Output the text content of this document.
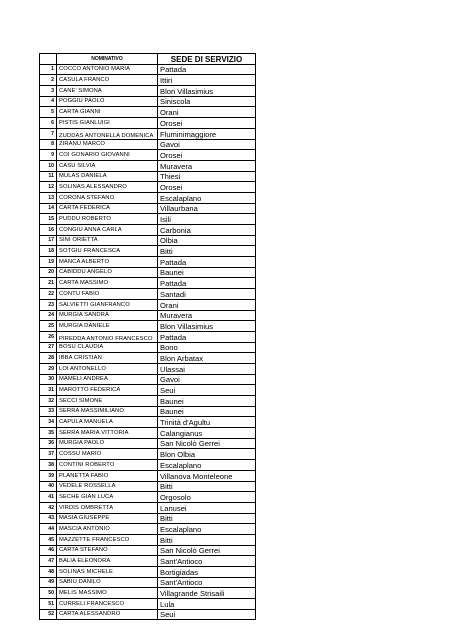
	NOMINATIVO	SEDE DI SERVIZIO
1	COCCO ANTONIO MARIA	Pattada
2	CASULA FRANCO	Ittiri
3	CANE' SIMONA	Blon Villasimius
4	POGGIU PAOLO	Siniscola
5	CARTA GIANNI	Orani
6	PISTIS GIANLUIGI	Orosei
7	ZUDDAS ANTONELLA DOMENICA	Fluminimaggiore
8	ZIRANU MARCO	Gavoi
9	COI GONARIO GIOVANNI	Orosei
10	CASU SILVIA	Muravera
11	MULAS DANIELA	Thiesi
12	SOLINAS ALESSANDRO	Orosei
13	CORONA STEFANO	Escalaplano
14	CARTA FEDERICA	Villaurbana
15	PUDDU ROBERTO	Isili
16	CONGIU ANNA CARLA	Carbonia
17	SINI ORIETTA	Olbia
18	SOTGIU FRANCESCA	Bitti
19	MANCA ALBERTO	Pattada
20	CABIDDU ANGELO	Baunei
21	CARTA MASSIMO	Pattada
22	CONTU FABIO	Santadi
23	SALVIETTI GIANFRANCO	Orani
24	MURGIA SANDRA	Muravera
25	MURGIA DANIELE	Blon Villasimius
26	PIREDDA ANTONIO FRANCESCO	Pattada
27	BOSU CLAUDIA	Bono
28	IBBA CRISTIAN	Blon Arbatax
29	LOI ANTONELLO	Ulassai
30	MAMELI ANDREA	Gavoi
31	MAROTTO FEDERICA	Seui
32	SECCI SIMONE	Baunei
33	SERRA MASSIMILIANO	Baunei
34	CAPULA MANUELA	Trinità d'Agultu
35	SERRA MARIA VITTORIA	Calangianus
36	MURGIA PAOLO	San Nicolò Gerrei
37	COSSU MARIO	Blon Olbia
38	CONTINI ROBERTO	Escalaplano
39	PLANETTA FABIO	Villanova Monteleone
40	VEDELE ROSSELLA	Bitti
41	SECHE GIAN LUCA	Orgosolo
42	VIRDIS OMBRETTA	Lanusei
43	MASIA GIUSEPPE	Bitti
44	MASCIA ANTONIO	Escalaplano
45	MAZZETTE FRANCESCO	Bitti
46	CARTA STEFANO	San Nicolò Gerrei
47	BALIA ELEONORA	Sant'Antioco
48	SOLINAS MICHELE	Bortigiadas
49	SABIU DANILO	Sant'Antioco
50	MELIS MASSIMO	Villagrande Strisaili
51	CURRELI FRANCESCO	Lula
52	CARTA ALESSANDRO	Seui
